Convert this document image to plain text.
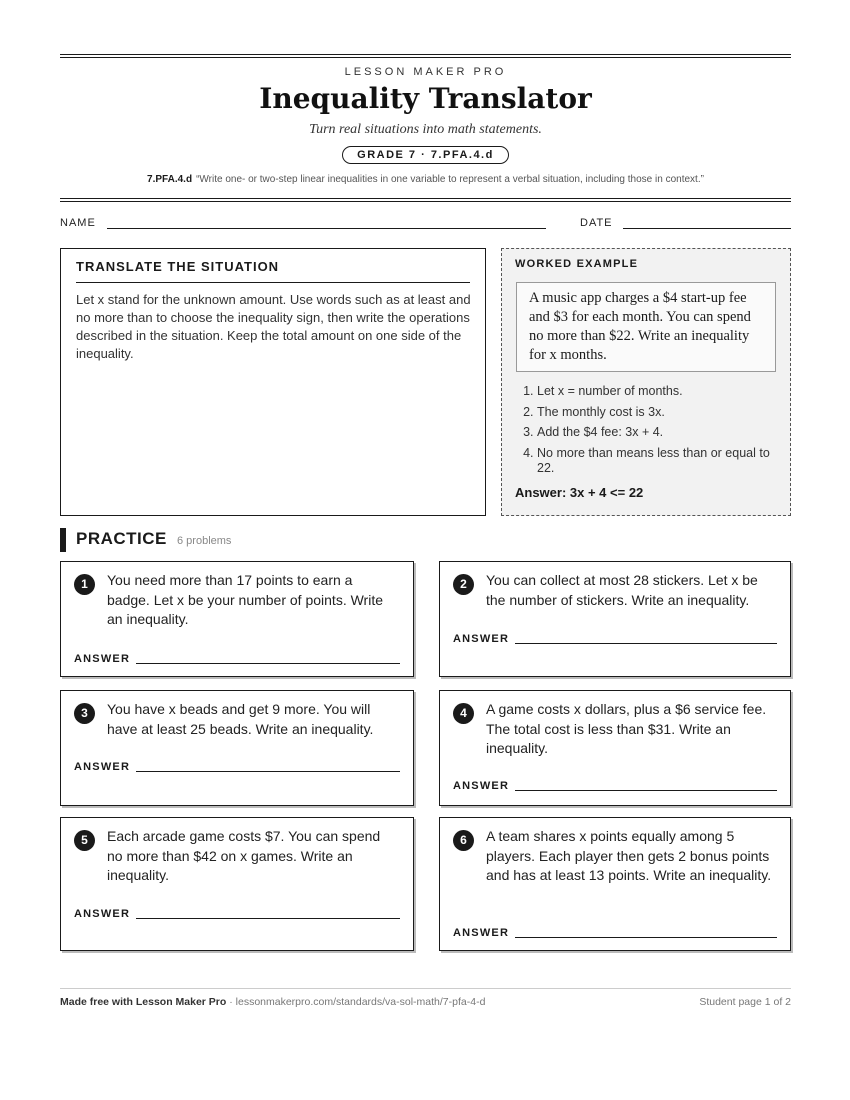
LESSON MAKER PRO
Inequality Translator
Turn real situations into math statements.
GRADE 7 · 7.PFA.4.d
7.PFA.4.d “Write one- or two-step linear inequalities in one variable to represent a verbal situation, including those in context.”
NAME	DATE
TRANSLATE THE SITUATION
Let x stand for the unknown amount. Use words such as at least and no more than to choose the inequality sign, then write the operations described in the situation. Keep the total amount on one side of the inequality.
WORKED EXAMPLE
A music app charges a $4 start-up fee and $3 for each month. You can spend no more than $22. Write an inequality for x months.
1. Let x = number of months.
2. The monthly cost is 3x.
3. Add the $4 fee: 3x + 4.
4. No more than means less than or equal to 22.
Answer: 3x + 4 <= 22
PRACTICE 6 problems
1	You need more than 17 points to earn a badge. Let x be your number of points. Write an inequality.
ANSWER
2	You can collect at most 28 stickers. Let x be the number of stickers. Write an inequality.
ANSWER
3	You have x beads and get 9 more. You will have at least 25 beads. Write an inequality.
ANSWER
4	A game costs x dollars, plus a $6 service fee. The total cost is less than $31. Write an inequality.
ANSWER
5	Each arcade game costs $7. You can spend no more than $42 on x games. Write an inequality.
ANSWER
6	A team shares x points equally among 5 players. Each player then gets 2 bonus points and has at least 13 points. Write an inequality.
ANSWER
Made free with Lesson Maker Pro · lessonmakerpro.com/standards/va-sol-math/7-pfa-4-d	Student page 1 of 2
